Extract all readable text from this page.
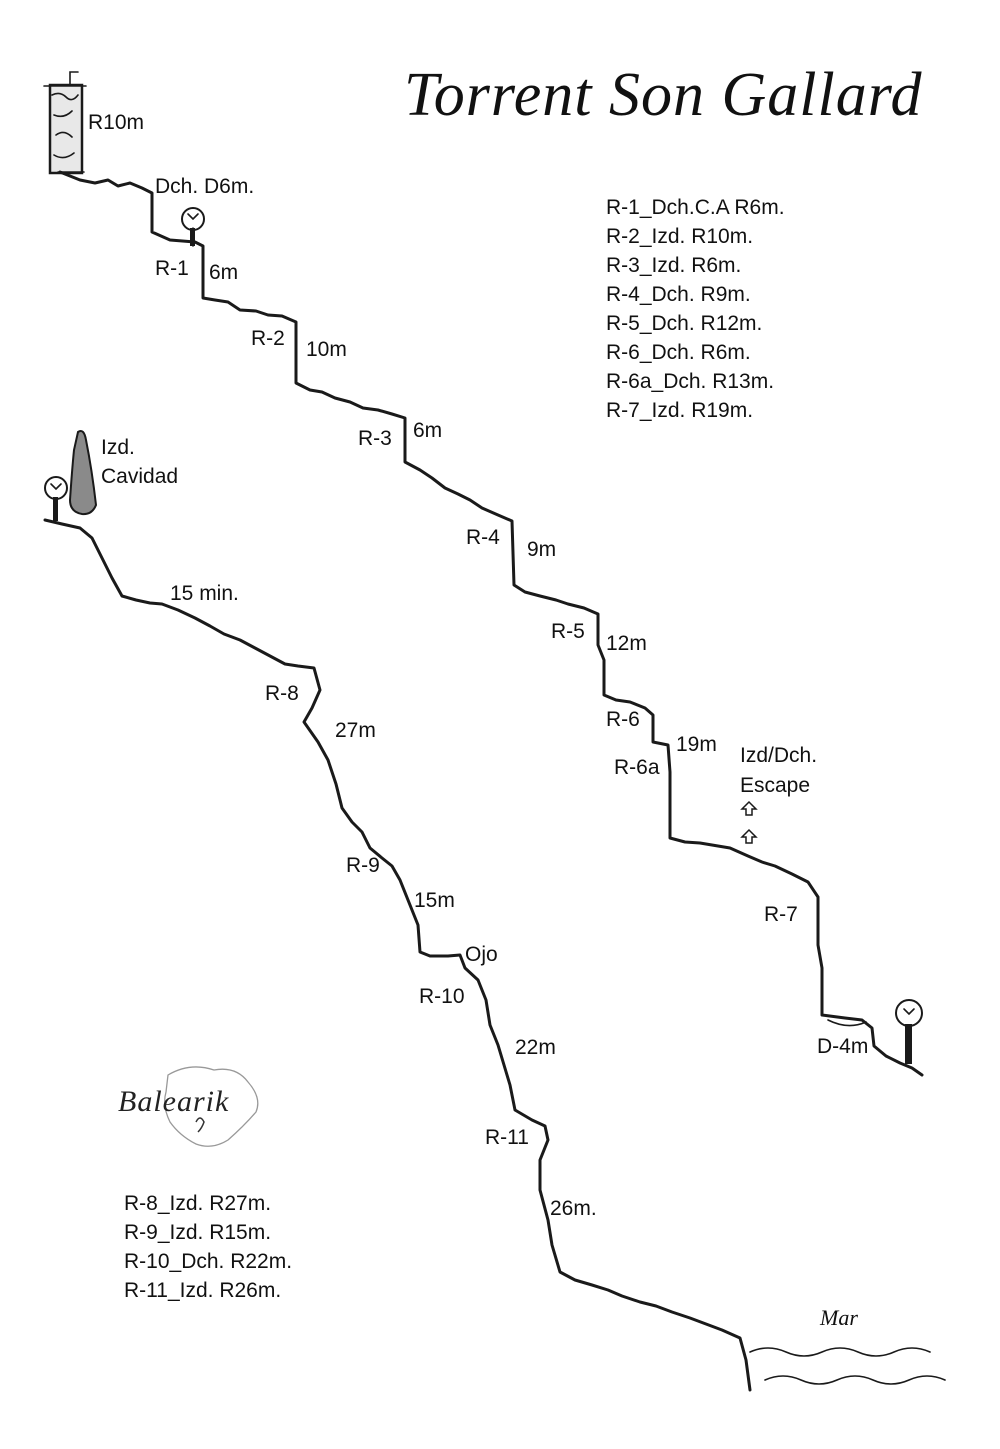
Torrent Son Gallard
R-1_Dch.C.A R6m.
R-2_Izd. R10m.
R-3_Izd. R6m.
R-4_Dch. R9m.
R-5_Dch. R12m.
R-6_Dch. R6m.
R-6a_Dch. R13m.
R-7_Izd. R19m.
R-8_Izd. R27m.
R-9_Izd. R15m.
R-10_Dch. R22m.
R-11_Izd. R26m.
Balearik
Mar
R10m
Dch. D6m.
R-1 6m
R-2 10m
R-3 6m
Izd.
Cavidad
R-4
9m
15 min.
R-5
12m
R-8
R-6
27m
19m Izd/Dch.
R-6a
Escape
R-9
15m
R-7
Ojo
R-10
22m	D-4m
R-11
26m.
